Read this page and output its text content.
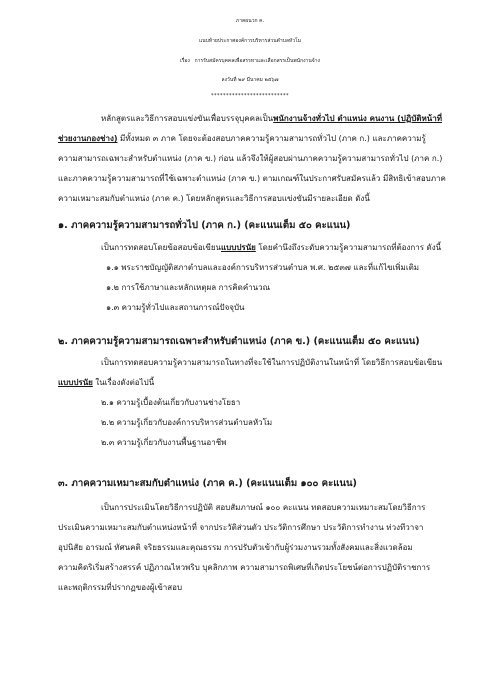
ภาคผนวก ค.
แนบท้ายประกาศองค์การบริหารส่วนตำบลหัวโม
เรื่อง การรับสมัครบุคคลเพื่อสรรหาและเลือกสรรเป็นพนักงานจ้าง
ลงวันที่ ๒๙ มีนาคม ๒๕๖๗
**************************
หลักสูตรและวิธีการสอบแข่งขันเพื่อบรรจุบุคคลเป็นพนักงานจ้างทั่วไป ตำแหน่ง คนงาน (ปฏิบัติหน้าที่
ช่วยงานกองช่าง) มีทั้งหมด ๓ ภาค โดยจะต้องสอบภาคความรู้ความสามารถทั่วไป (ภาค ก.) และภาคความรู้
ความสามารถเฉพาะสำหรับตำแหน่ง (ภาค ข.) ก่อน แล้วจึงให้ผู้สอบผ่านภาคความรู้ความสามารถทั่วไป (ภาค ก.)
และภาคความรู้ความสามารถที่ใช้เฉพาะตำแหน่ง (ภาค ข.) ตามเกณฑ์ในประกาศรับสมัครแล้ว มีสิทธิเข้าสอบภาค
ความเหมาะสมกับตำแหน่ง (ภาค ค.) โดยหลักสูตรและวิธีการสอบแข่งขันมีรายละเอียด ดังนี้
๑. ภาคความรู้ความสามารถทั่วไป (ภาค ก.) (คะแนนเต็ม ๕๐ คะแนน)
เป็นการทดสอบโดยข้อสอบข้อเขียนแบบปรนัย โดยคำนึงถึงระดับความรู้ความสามารถที่ต้องการ ดังนี้
๑.๑ พระราชบัญญัติสภาตำบลและองค์การบริหารส่วนตำบล พ.ศ. ๒๕๓๗ และที่แก้ไขเพิ่มเติม
๑.๒ การใช้ภาษาและหลักเหตุผล การคิดคำนวณ
๑.๓ ความรู้ทั่วไปและสถานการณ์ปัจจุบัน
๒. ภาคความรู้ความสามารถเฉพาะสำหรับตำแหน่ง (ภาค ข.) (คะแนนเต็ม ๕๐ คะแนน)
เป็นการทดสอบความรู้ความสามารถในทางที่จะใช้ในการปฏิบัติงานในหน้าที่ โดยวิธีการสอบข้อเขียน
แบบปรนัย ในเรื่องดังต่อไปนี้
๒.๑ ความรู้เบื้องต้นเกี่ยวกับงานช่างโยธา
๒.๒ ความรู้เกี่ยวกับองค์การบริหารส่วนตำบลหัวโม
๒.๓ ความรู้เกี่ยวกับงานพื้นฐานอาชีพ
๓. ภาคความเหมาะสมกับตำแหน่ง (ภาค ค.) (คะแนนเต็ม ๑๐๐ คะแนน)
เป็นการประเมินโดยวิธีการปฏิบัติ สอบสัมภาษณ์ ๑๐๐ คะแนน ทดสอบความเหมาะสมโดยวิธีการ
ประเมินความเหมาะสมกับตำแหน่งหน้าที่ จากประวัติส่วนตัว ประวัติการศึกษา ประวัติการทำงาน ท่วงทีวาจา
อุปนิสัย อารมณ์ ทัศนคติ จริยธรรมและคุณธรรม การปรับตัวเข้ากับผู้ร่วมงานรวมทั้งสังคมและสิ่งแวดล้อม
ความคิดริเริ่มสร้างสรรค์ ปฏิภาณไหวพริบ บุคลิกภาพ ความสามารถพิเศษที่เกิดประโยชน์ต่อการปฏิบัติราชการ
และพฤติกรรมที่ปรากฏของผู้เข้าสอบ
